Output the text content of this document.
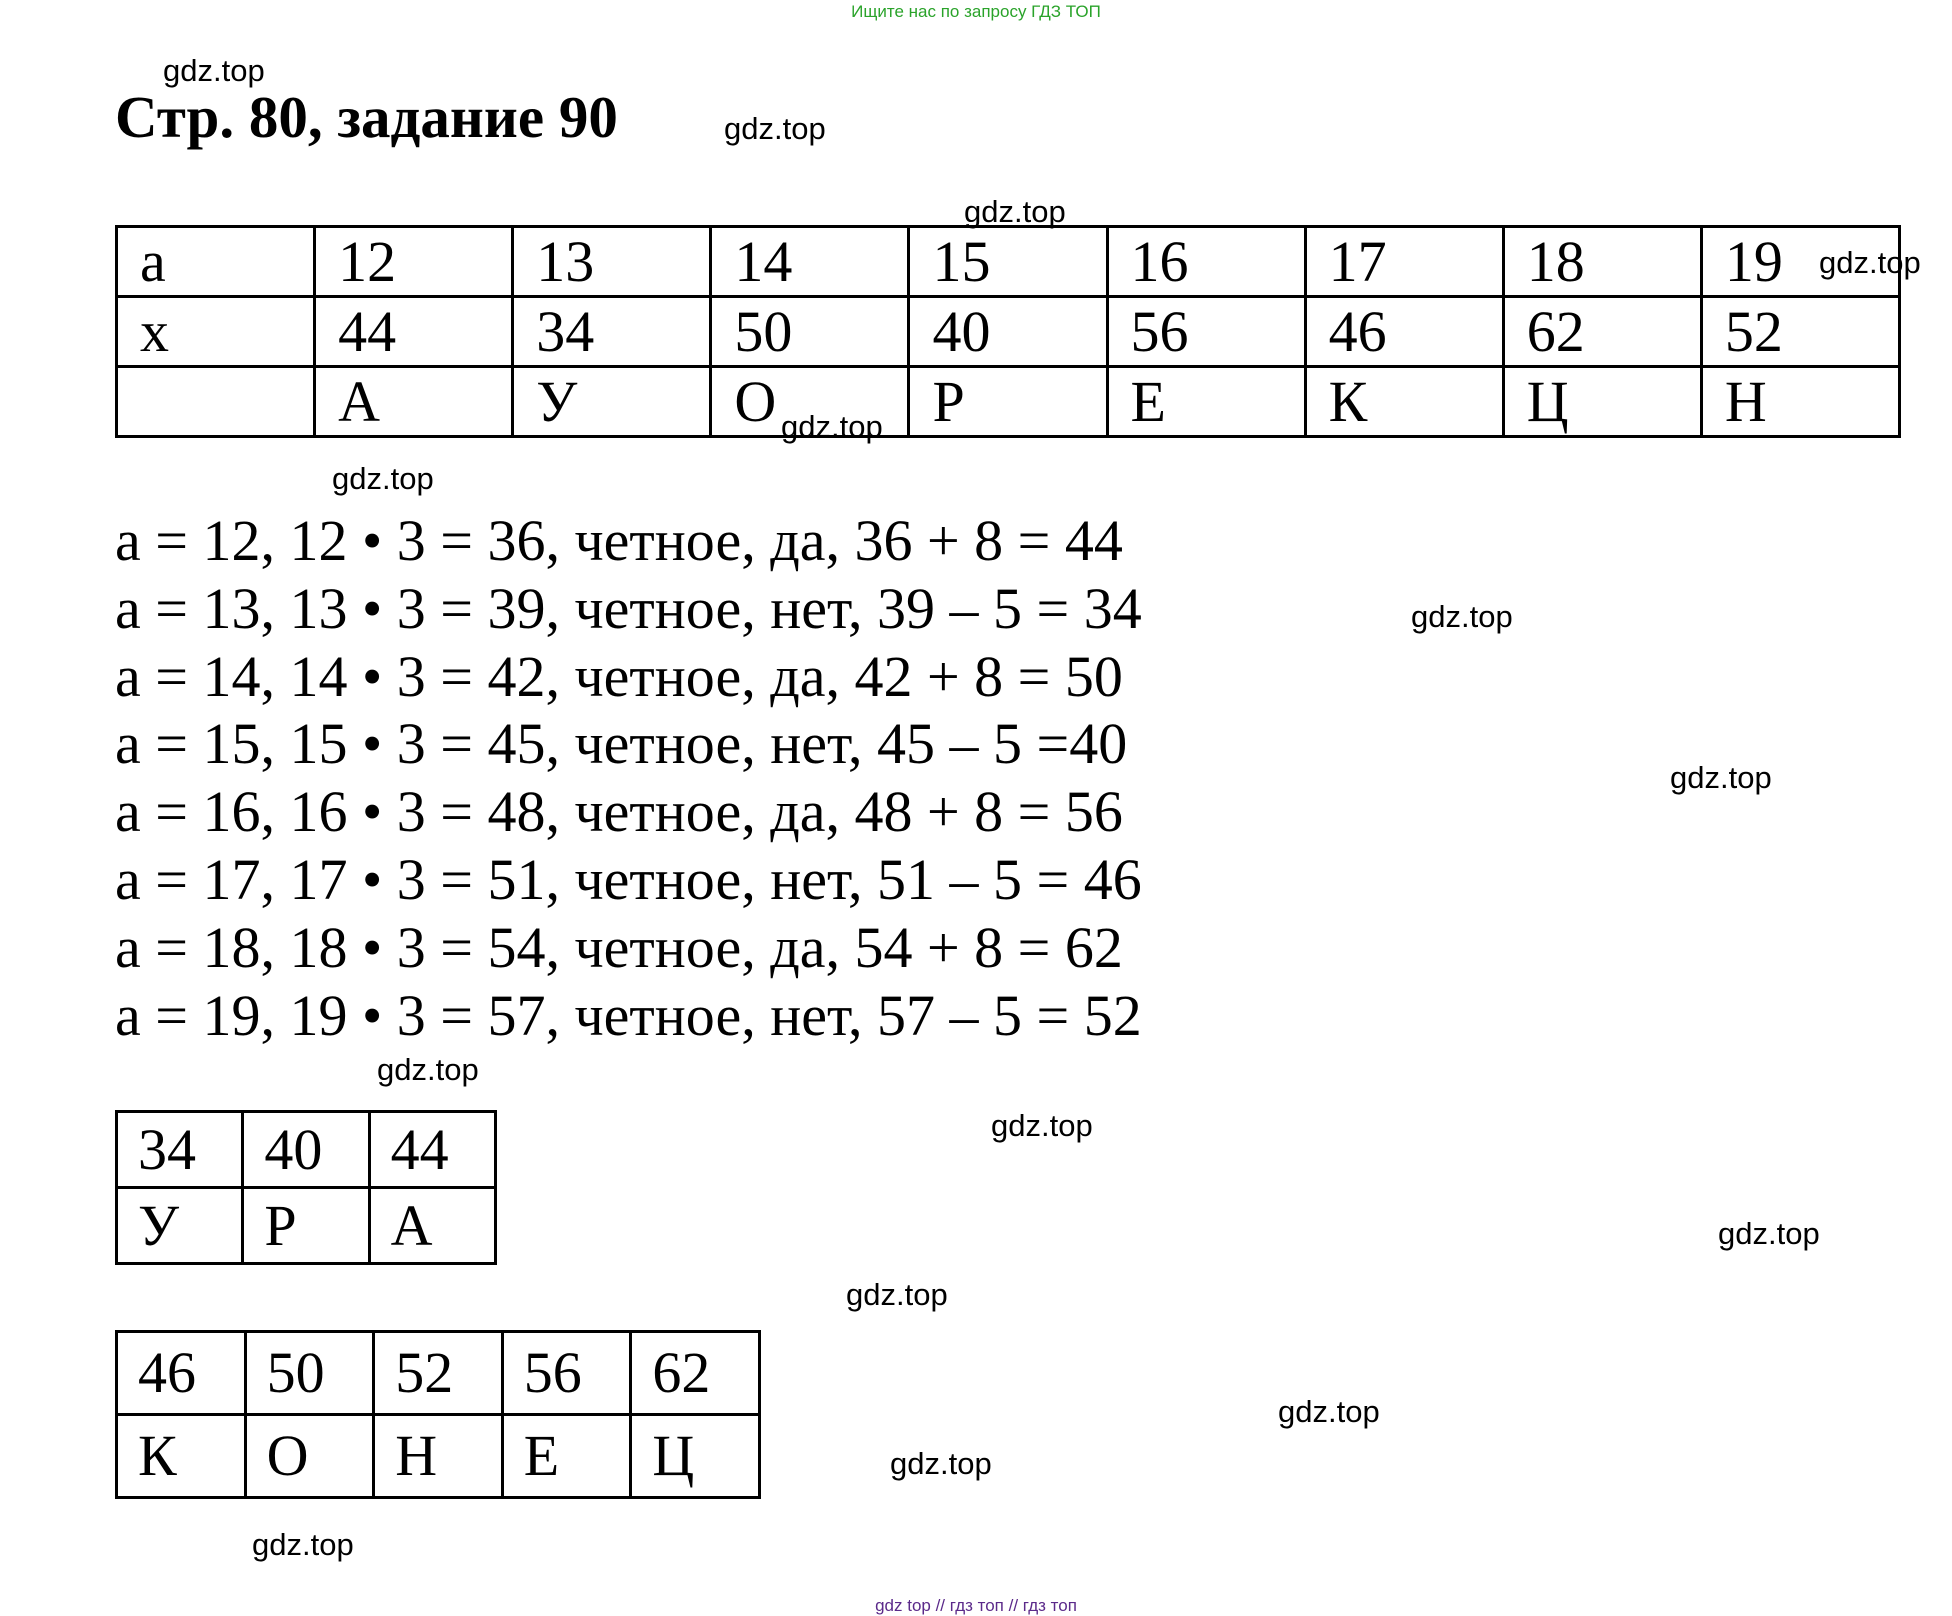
Ищите нас по запросу ГДЗ ТОП
Стр. 80, задание 90
а	12	13	14	15	16	17	18	19
х	44	34	50	40	56	46	62	52
	А	У	О	Р	Е	К	Ц	Н
а = 12, 12 • 3 = 36, четное, да, 36 + 8 = 44
а = 13, 13 • 3 = 39, четное, нет, 39 – 5 = 34
а = 14, 14 • 3 = 42, четное, да, 42 + 8 = 50
а = 15, 15 • 3 = 45, четное, нет, 45 – 5 =40
а = 16, 16 • 3 = 48, четное, да, 48 + 8 = 56
а = 17, 17 • 3 = 51, четное, нет, 51 – 5 = 46
а = 18, 18 • 3 = 54, четное, да, 54 + 8 = 62
а = 19, 19 • 3 = 57, четное, нет, 57 – 5 = 52
34	40	44
У	Р	А
46	50	52	56	62
К	О	Н	Е	Ц
gdz.top
gdz.top
gdz.top
gdz.top
gdz.top
gdz.top
gdz.top
gdz.top
gdz.top
gdz.top
gdz.top
gdz.top
gdz.top
gdz.top
gdz.top
gdz top // гдз топ // гдз топ
